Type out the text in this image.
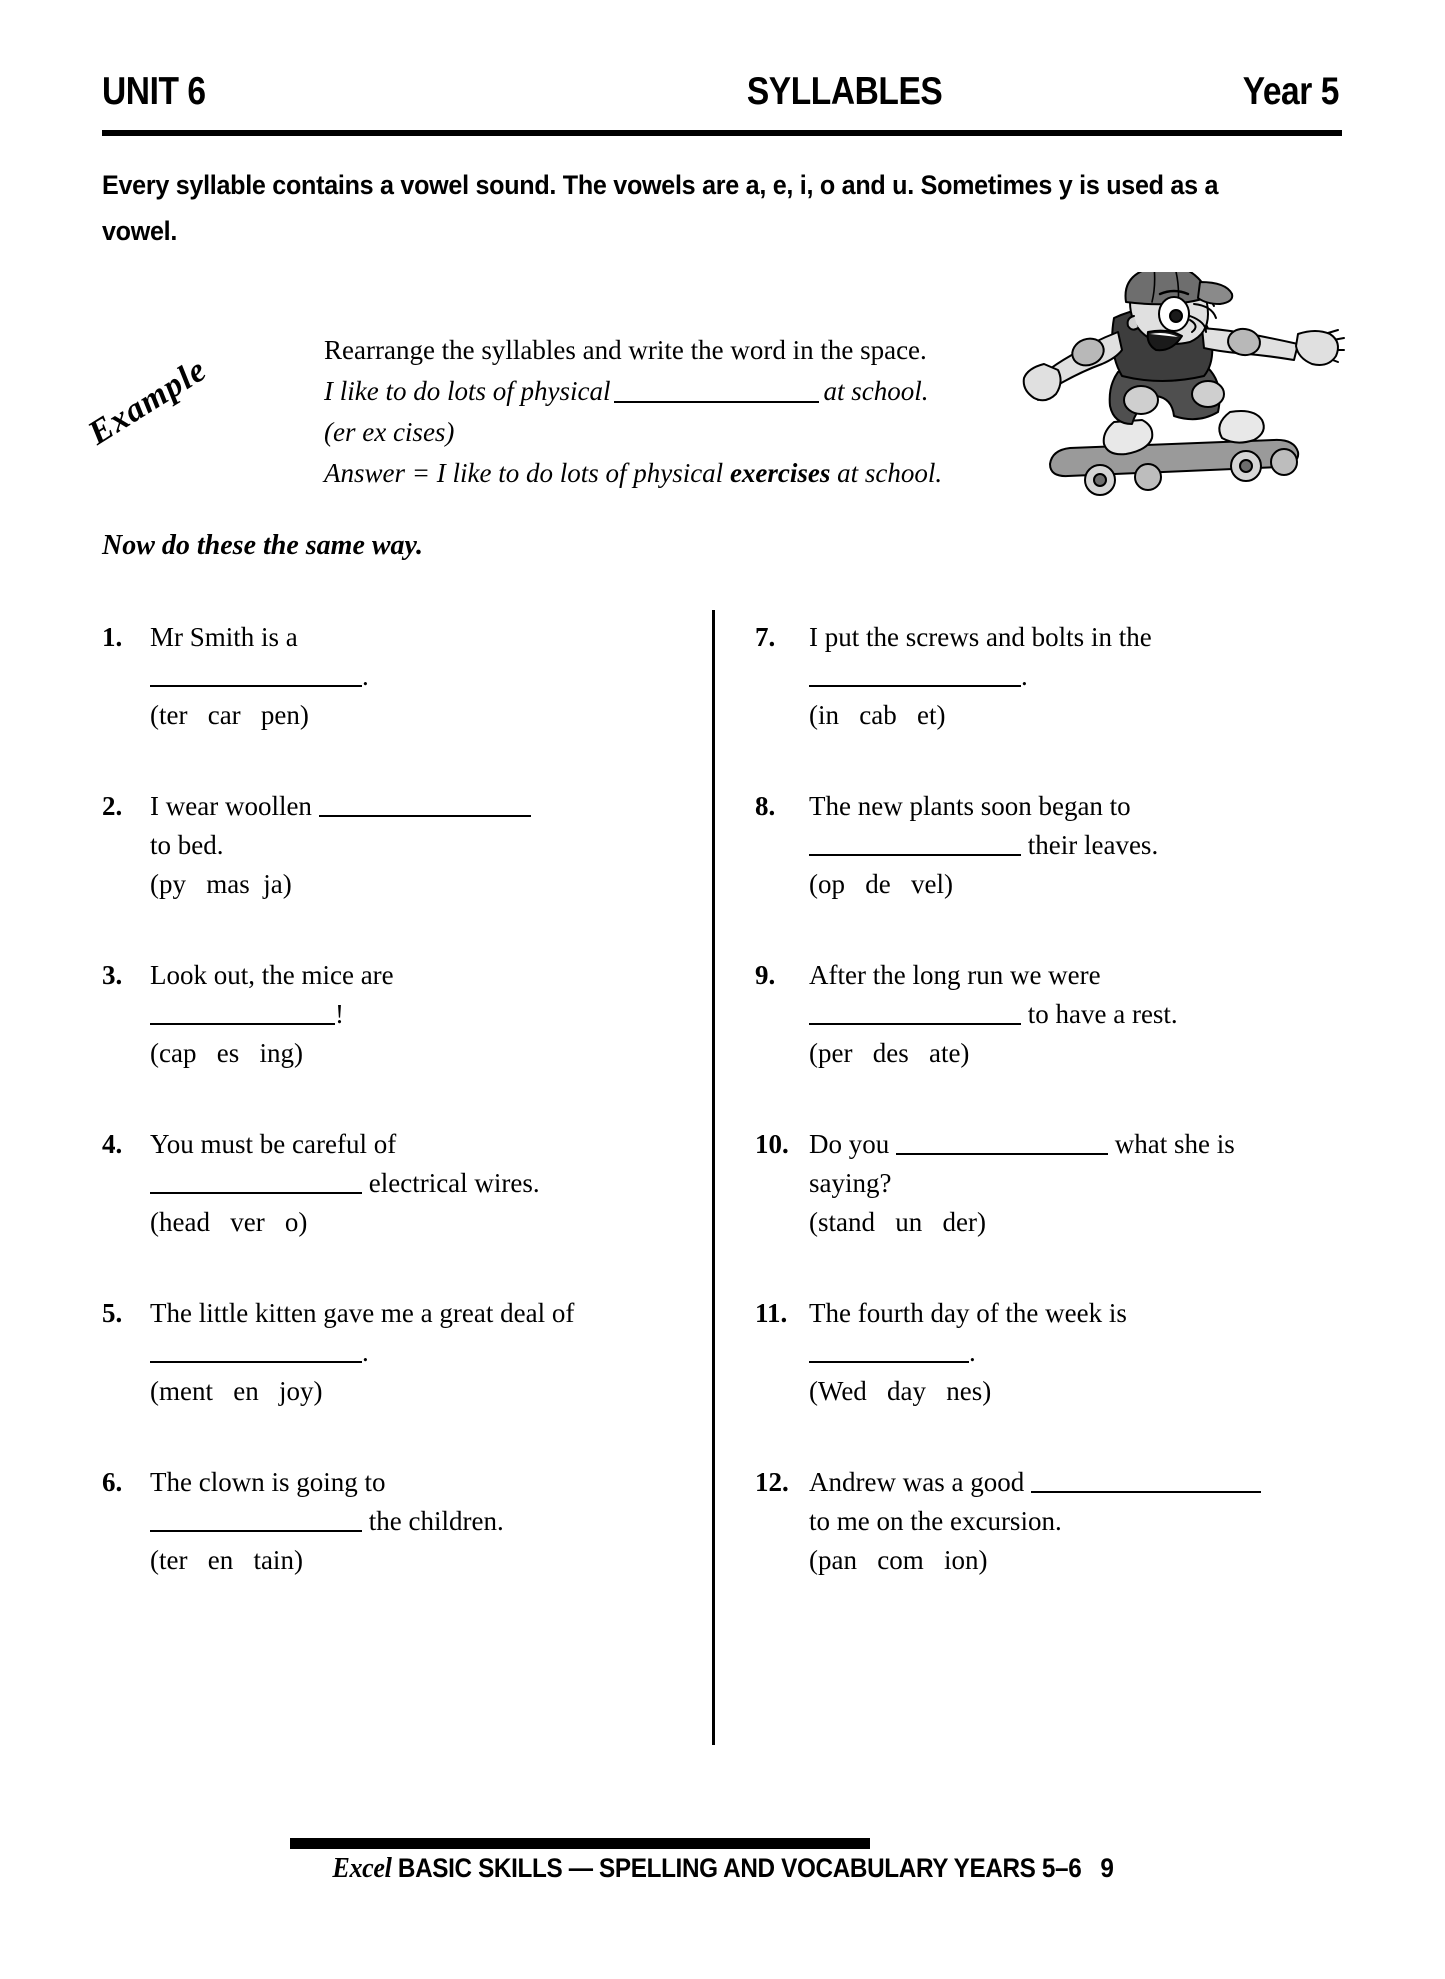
UNIT 6	SYLLABLES	Year 5
Every syllable contains a vowel sound. The vowels are a, e, i, o and u. Sometimes y is used as a vowel.
Example
Rearrange the syllables and write the word in the space.
I like to do lots of physical	at school.
(er ex cises)
Answer = I like to do lots of physical exercises at school.
Now do these the same way.
1.	Mr Smith is a
.
(ter   car   pen)
2.	I wear woollen
to bed.
(py   mas  ja)
3.	Look out, the mice are
!
(cap   es   ing)
4.	You must be careful of
electrical wires.
(head   ver   o)
5.	The little kitten gave me a great deal of
.
(ment   en   joy)
6.	The clown is going to
the children.
(ter   en   tain)
7.	I put the screws and bolts in the
.
(in   cab   et)
8.	The new plants soon began to
their leaves.
(op   de   vel)
9.	After the long run we were
to have a rest.
(per   des   ate)
10. Do you	what she is
saying?
(stand   un   der)
11. The fourth day of the week is
.
(Wed   day   nes)
12. Andrew was a good
to me on the excursion.
(pan   com   ion)
Excel BASIC SKILLS — SPELLING AND VOCABULARY YEARS 5–6 9
